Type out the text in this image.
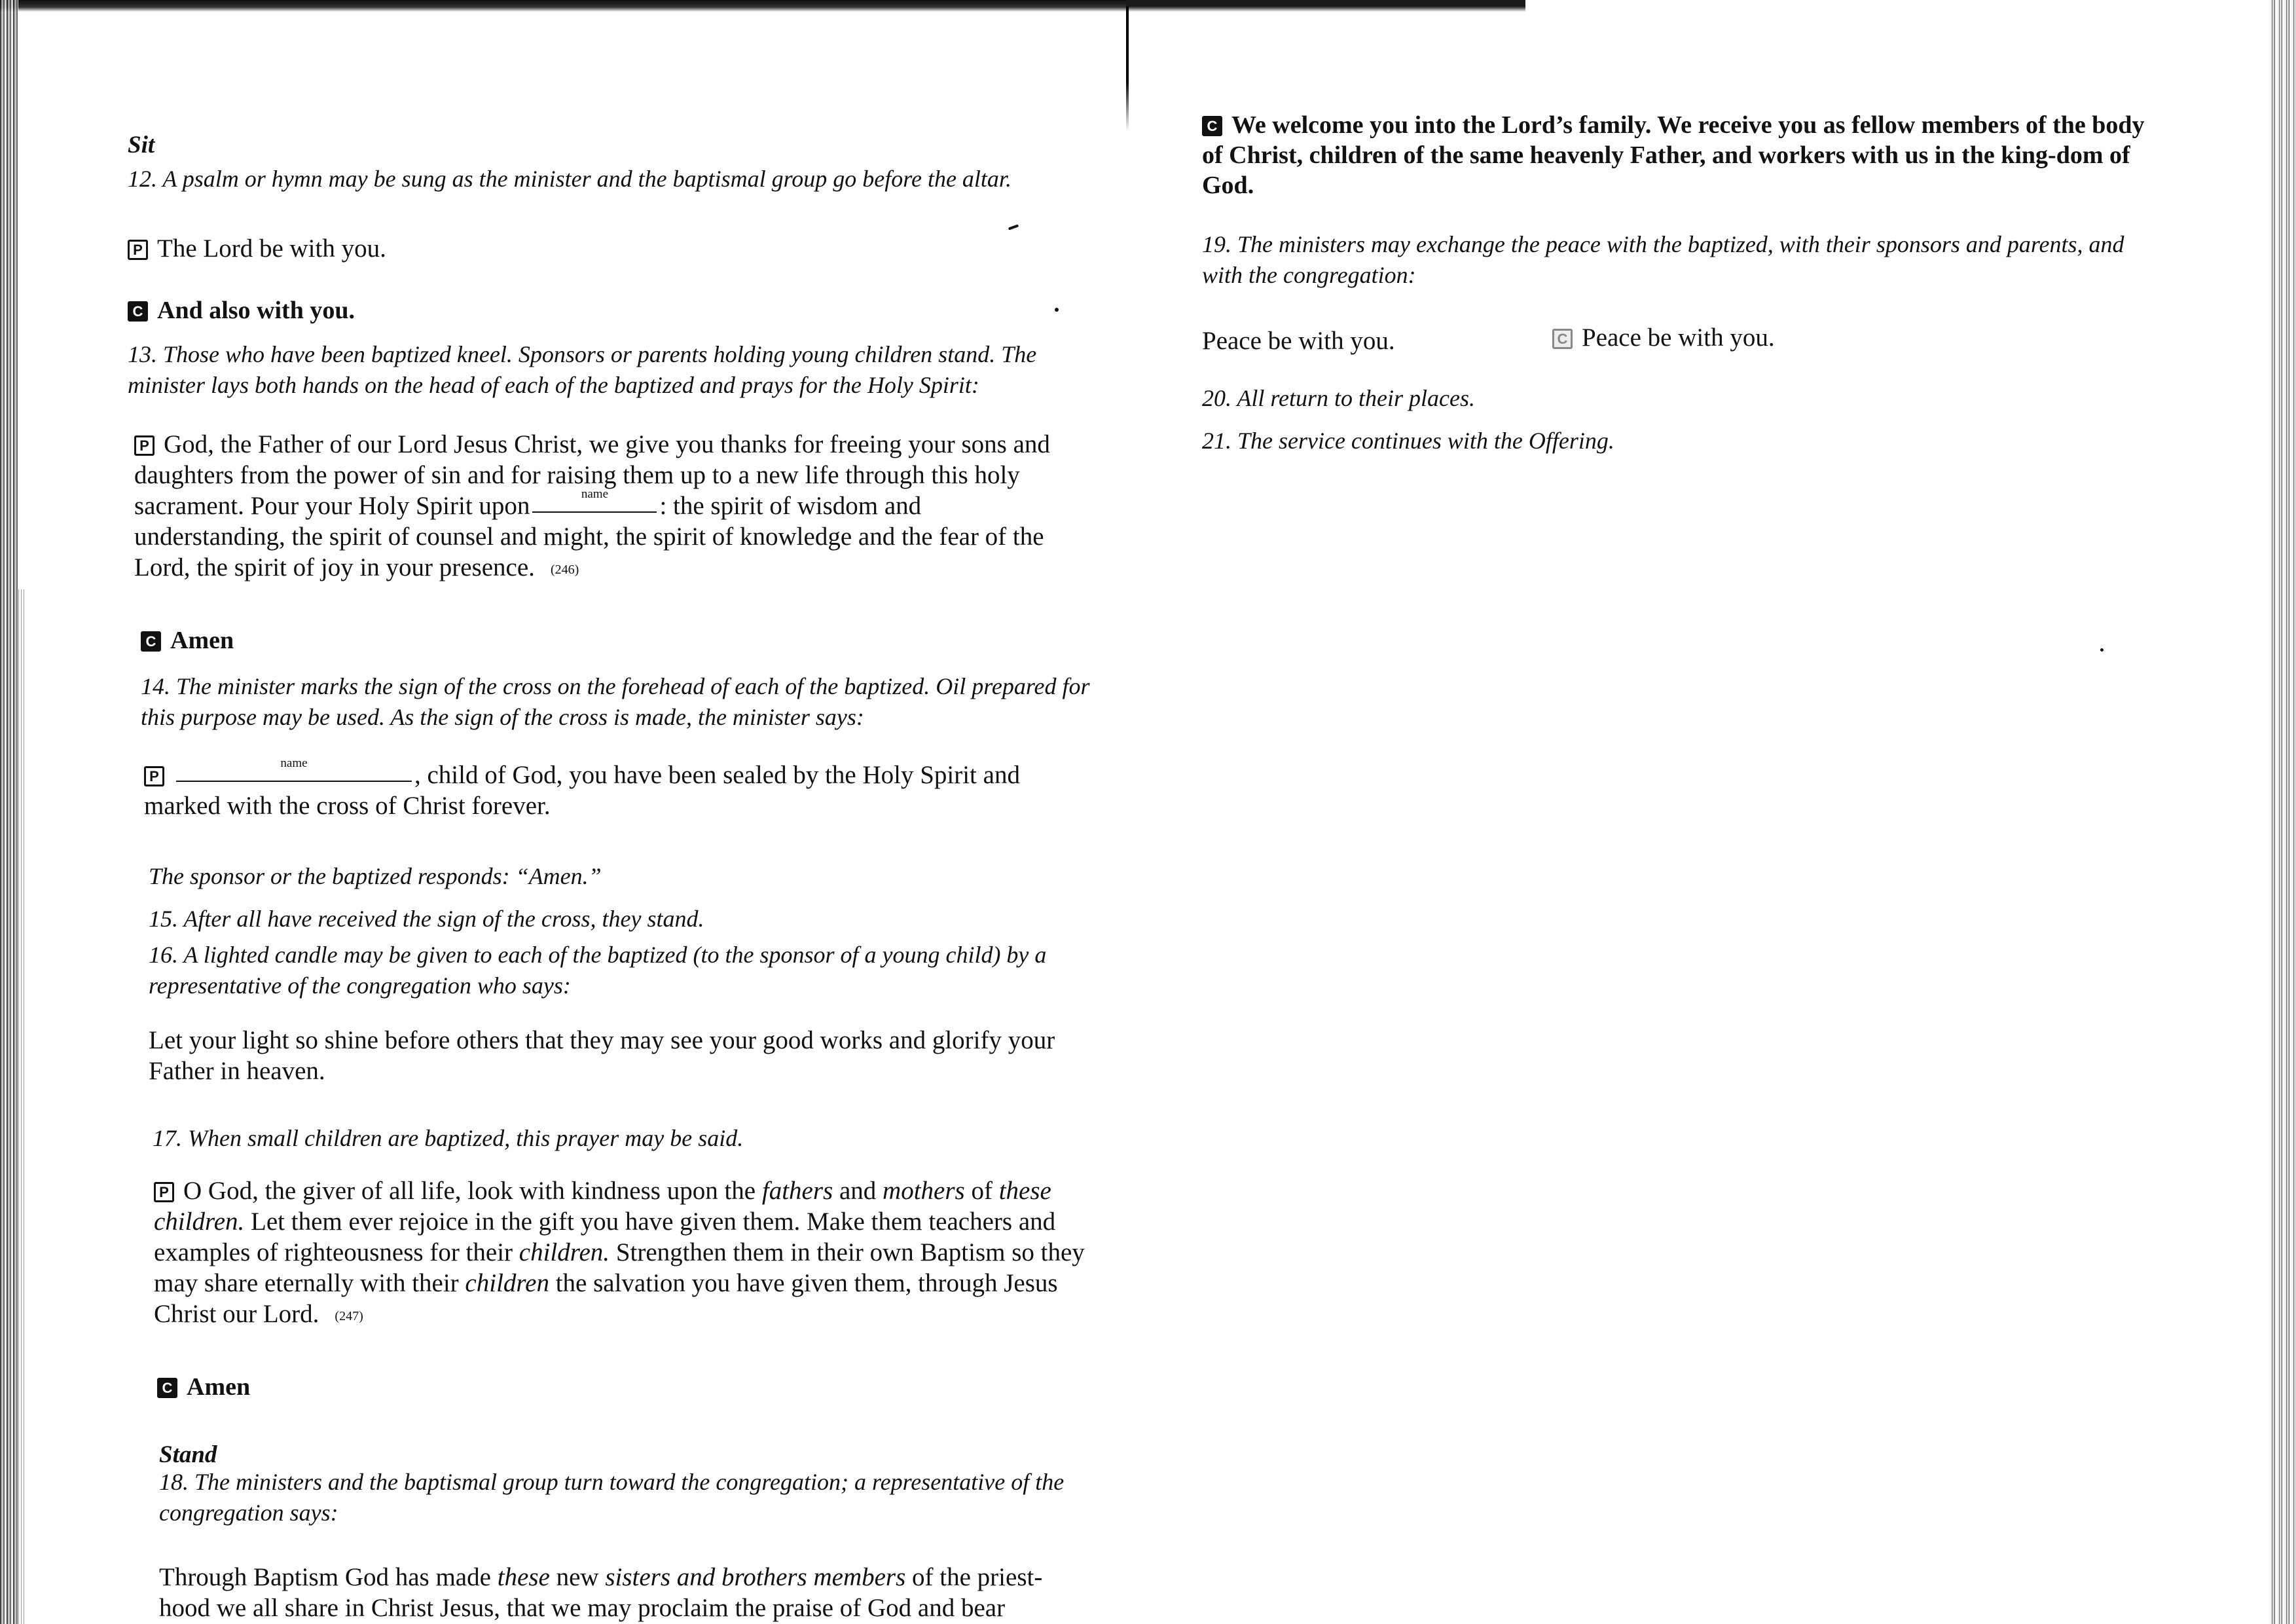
Sit

12. A psalm or hymn may be sung as the minister and the baptismal group go before the altar.

P The Lord be with you.

C And also with you.

13. Those who have been baptized kneel. Sponsors or parents holding young children stand. The minister lays both hands on the head of each of the baptized and prays for the Holy Spirit:

P God, the Father of our Lord Jesus Christ, we give you thanks for freeing your sons and daughters from the power of sin and for raising them up to a new life through this holy sacrament. Pour your Holy Spirit upon	name	: the spirit of wisdom and understanding, the spirit of counsel and might, the spirit of knowledge and the fear of the Lord, the spirit of joy in your presence. (246)

C Amen

14. The minister marks the sign of the cross on the forehead of each of the baptized. Oil prepared for this purpose may be used. As the sign of the cross is made, the minister says:

P
name	, child of God, you have been sealed by the Holy Spirit and marked with the cross of Christ forever.

The sponsor or the baptized responds: “Amen.”

15. After all have received the sign of the cross, they stand.

16. A lighted candle may be given to each of the baptized (to the sponsor of a young child) by a representative of the congregation who says:

Let your light so shine before others that they may see your good works and glorify your Father in heaven.

17. When small children are baptized, this prayer may be said.

P O God, the giver of all life, look with kindness upon the fathers and mothers of these children. Let them ever rejoice in the gift you have given them. Make them teachers and examples of righteousness for their children. Strengthen them in their own Baptism so they may share eternally with their children the salvation you have given them, through Jesus Christ our Lord. (247)

C Amen

Stand

18. The ministers and the baptismal group turn toward the congregation; a representative of the congregation says:

Through Baptism God has made these new sisters and brothers members of the priest-hood we all share in Christ Jesus, that we may proclaim the praise of God and bear

C We welcome you into the Lord’s family. We receive you as fellow members of the body of Christ, children of the same heavenly Father, and workers with us in the king-dom of God.

19. The ministers may exchange the peace with the baptized, with their sponsors and parents, and with the congregation:

Peace be with you.	C Peace be with you.

20. All return to their places.

21. The service continues with the Offering.
